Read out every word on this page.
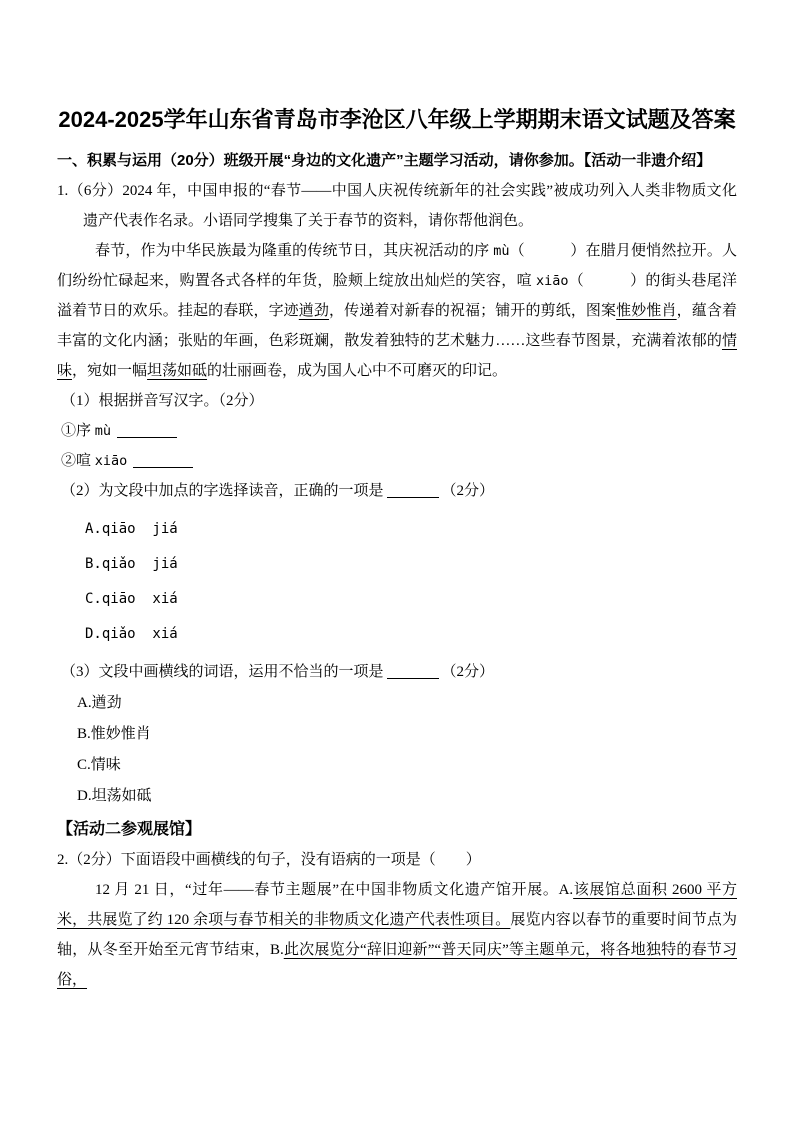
2024-2025学年山东省青岛市李沧区八年级上学期期末语文试题及答案

一、积累与运用（20分）班级开展“身边的文化遗产”主题学习活动，请你参加。【活动一非遗介绍】

1.（6分）2024 年，中国申报的“春节——中国人庆祝传统新年的社会实践”被成功列入人类非物质文化遗产代表作名录。小语同学搜集了关于春节的资料，请你帮他润色。

春节，作为中华民族最为隆重的传统节日，其庆祝活动的序 mù（　　　）在腊月便悄然拉开。人们纷纷忙碌起来，购置各式各样的年货，脸颊上绽放出灿烂的笑容，喧 xiāo（　　　）的街头巷尾洋溢着节日的欢乐。挂起的春联，字迹遒劲，传递着对新春的祝福；铺开的剪纸，图案惟妙惟肖，蕴含着丰富的文化内涵；张贴的年画，色彩斑斓，散发着独特的艺术魅力……这些春节图景，充满着浓郁的情味，宛如一幅坦荡如砥的壮丽画卷，成为国人心中不可磨灭的印记。

（1）根据拼音写汉字。（2分）

①序 mù

②喧 xiāo

（2）为文段中加点的字选择读音，正确的一项是	（2分）

A.qiāo  jiá

B.qiǎo  jiá

C.qiāo  xiá

D.qiǎo  xiá

（3）文段中画横线的词语，运用不恰当的一项是	（2分）

A.遒劲

B.惟妙惟肖

C.情味

D.坦荡如砥

【活动二参观展馆】

2.（2分）下面语段中画横线的句子，没有语病的一项是（　　）

12 月 21 日，“过年——春节主题展”在中国非物质文化遗产馆开展。A.该展馆总面积 2600 平方米，共展览了约 120 余项与春节相关的非物质文化遗产代表性项目。展览内容以春节的重要时间节点为轴，从冬至开始至元宵节结束，B.此次展览分“辞旧迎新”“普天同庆”等主题单元，将各地独特的春节习俗，
